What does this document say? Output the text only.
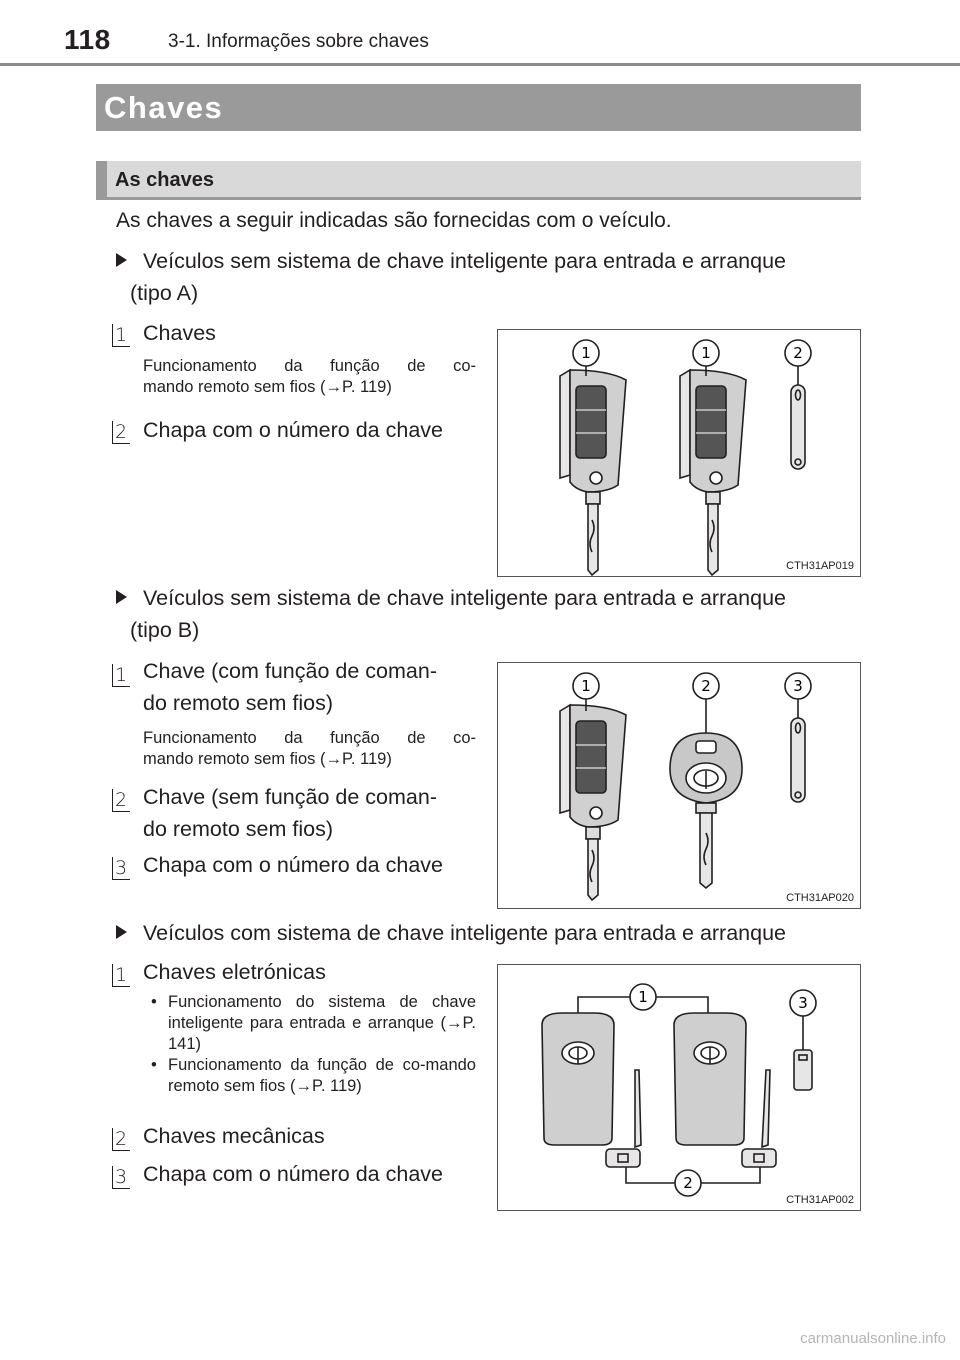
118	3-1. Informações sobre chaves
Chaves
As chaves
As chaves a seguir indicadas são fornecidas com o veículo.
Veículos sem sistema de chave inteligente para entrada e arranque
(tipo A)
1 Chaves
Funcionamento da função de co-
mando remoto sem fios (→P. 119)
2 Chapa com o número da chave
1	1	2
CTH31AP019
Veículos sem sistema de chave inteligente para entrada e arranque
(tipo B)
1 Chave (com função de coman-
do remoto sem fios)
Funcionamento da função de co-
mando remoto sem fios (→P. 119)
2 Chave (sem função de coman-
do remoto sem fios)
3 Chapa com o número da chave
1	2	3
CTH31AP020
Veículos com sistema de chave inteligente para entrada e arranque
1 Chaves eletrónicas
• Funcionamento do sistema de chave inteligente para entrada e arranque (→P. 141)
• Funcionamento da função de co-mando remoto sem fios (→P. 119)
2 Chaves mecânicas
3 Chapa com o número da chave
1	3
2
CTH31AP002
carmanualsonline.info
